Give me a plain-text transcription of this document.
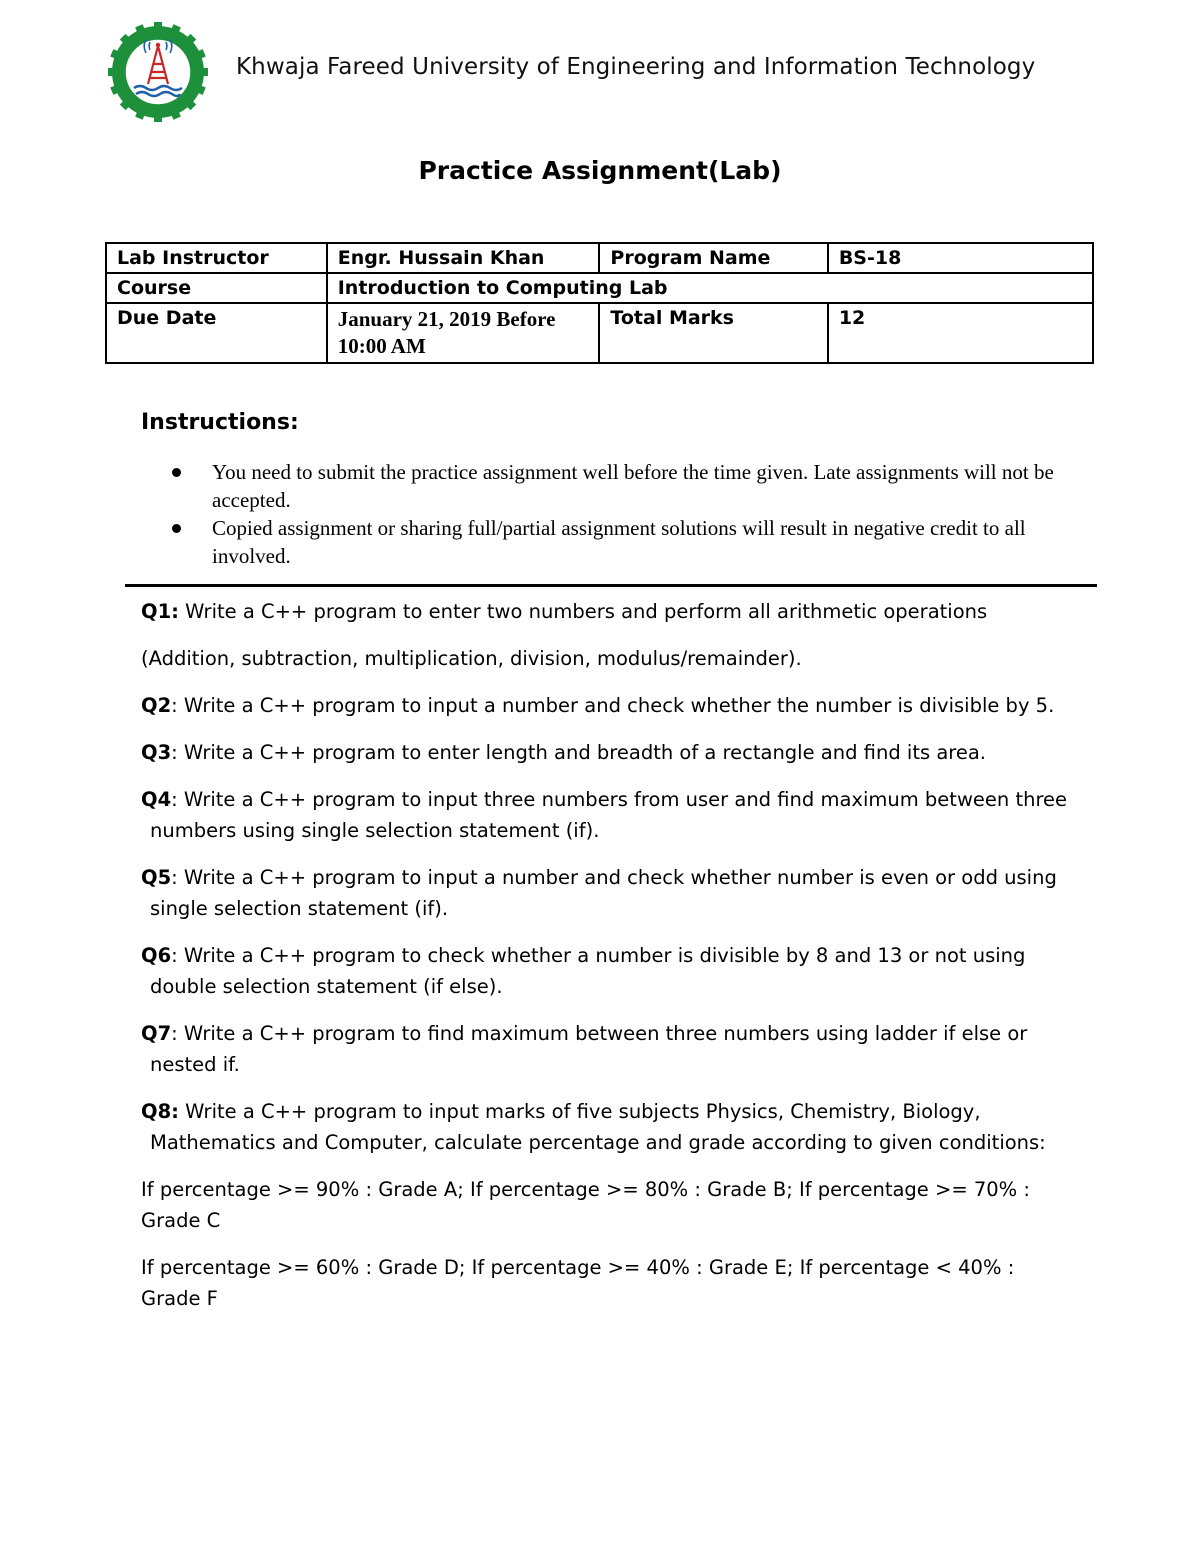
Khwaja Fareed University of Engineering and Information Technology
Practice Assignment(Lab)
Lab Instructor	Engr. Hussain Khan	Program Name	BS-18
Course	Introduction to Computing Lab		
Due Date	January 21, 2019 Before 10:00 AM	Total Marks	12
Instructions:
You need to submit the practice assignment well before the time given. Late assignments will not be accepted.
Copied assignment or sharing full/partial assignment solutions will result in negative credit to all involved.

Q1: Write a C++ program to enter two numbers and perform all arithmetic operations

(Addition, subtraction, multiplication, division, modulus/remainder).

Q2: Write a C++ program to input a number and check whether the number is divisible by 5.

Q3: Write a C++ program to enter length and breadth of a rectangle and find its area.

Q4: Write a C++ program to input three numbers from user and find maximum between three
numbers using single selection statement (if).

Q5: Write a C++ program to input a number and check whether number is even or odd using
single selection statement (if).

Q6: Write a C++ program to check whether a number is divisible by 8 and 13 or not using
double selection statement (if else).

Q7: Write a C++ program to find maximum between three numbers using ladder if else or
nested if.

Q8: Write a C++ program to input marks of five subjects Physics, Chemistry, Biology,
Mathematics and Computer, calculate percentage and grade according to given conditions:

If percentage >= 90% : Grade A; If percentage >= 80% : Grade B; If percentage >= 70% : Grade C

If percentage >= 60% : Grade D; If percentage >= 40% : Grade E; If percentage < 40% : Grade F
